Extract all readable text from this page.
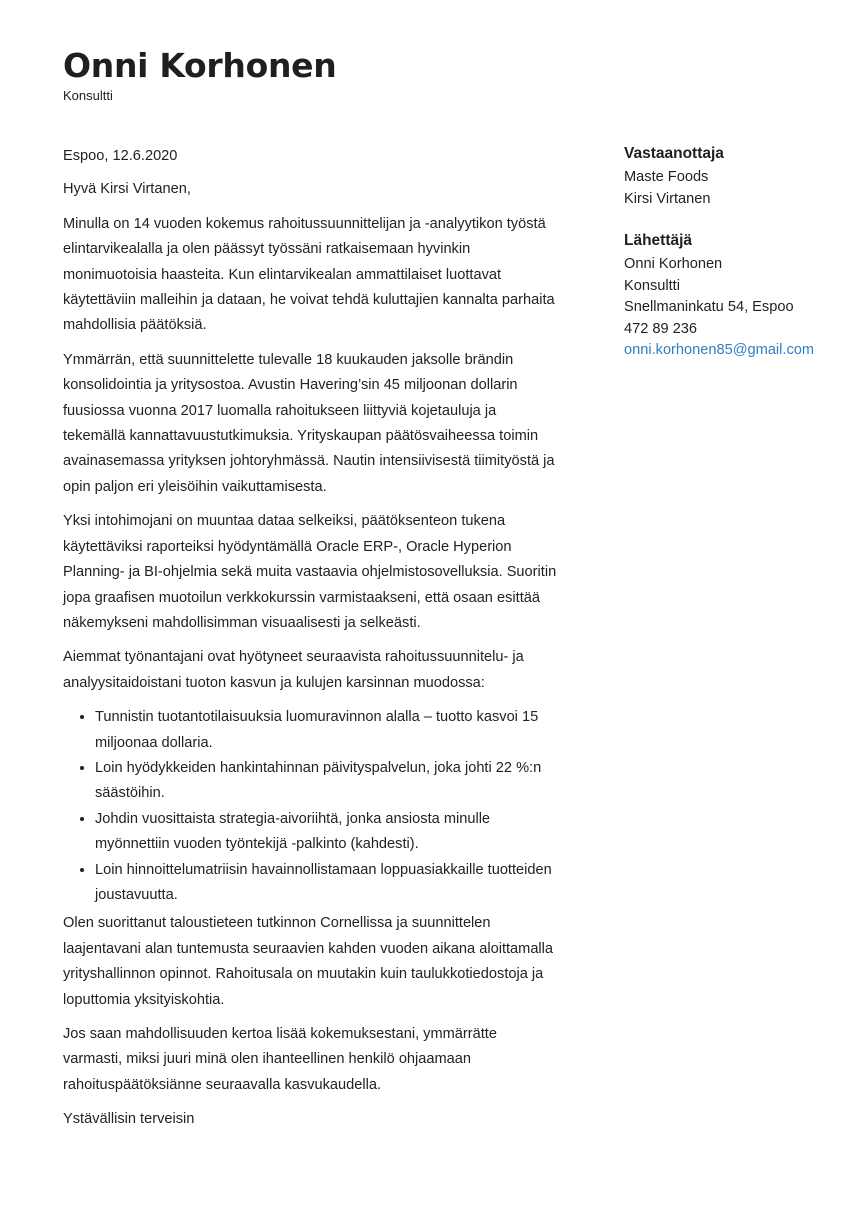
Onni Korhonen
Konsultti

Espoo, 12.6.2020

Hyvä Kirsi Virtanen,

Minulla on 14 vuoden kokemus rahoitussuunnittelijan ja -analyytikon työstä elintarvikealalla ja olen päässyt työssäni ratkaisemaan hyvinkin monimuotoisia haasteita. Kun elintarvikealan ammattilaiset luottavat käytettäviin malleihin ja dataan, he voivat tehdä kuluttajien kannalta parhaita mahdollisia päätöksiä.

Ymmärrän, että suunnittelette tulevalle 18 kuukauden jaksolle brändin konsolidointia ja yritysostoa. Avustin Havering’sin 45 miljoonan dollarin fuusiossa vuonna 2017 luomalla rahoitukseen liittyviä kojetauluja ja tekemällä kannattavuustutkimuksia. Yrityskaupan päätösvaiheessa toimin avainasemassa yrityksen johtoryhmässä. Nautin intensiivisestä tiimityöstä ja opin paljon eri yleisöihin vaikuttamisesta.

Yksi intohimojani on muuntaa dataa selkeiksi, päätöksenteon tukena käytettäviksi raporteiksi hyödyntämällä Oracle ERP-, Oracle Hyperion Planning- ja BI-ohjelmia sekä muita vastaavia ohjelmistosovelluksia. Suoritin jopa graafisen muotoilun verkkokurssin varmistaakseni, että osaan esittää näkemykseni mahdollisimman visuaalisesti ja selkeästi.

Aiemmat työnantajani ovat hyötyneet seuraavista rahoitussuunnitelu- ja analyysitaidoistani tuoton kasvun ja kulujen karsinnan muodossa:

• Tunnistin tuotantotilaisuuksia luomuravinnon alalla – tuotto kasvoi 15 miljoonaa dollaria.
• Loin hyödykkeiden hankintahinnan päivityspalvelun, joka johti 22 %:n säästöihin.
• Johdin vuosittaista strategia-aivoriihtä, jonka ansiosta minulle myönnettiin vuoden työntekijä -palkinto (kahdesti).
• Loin hinnoittelumatriisin havainnollistamaan loppuasiakkaille tuotteiden joustavuutta.

Olen suorittanut taloustieteen tutkinnon Cornellissa ja suunnittelen laajentavani alan tuntemusta seuraavien kahden vuoden aikana aloittamalla yrityshallinnon opinnot. Rahoitusala on muutakin kuin taulukkotiedostoja ja loputtomia yksityiskohtia.

Jos saan mahdollisuuden kertoa lisää kokemuksestani, ymmärrätte varmasti, miksi juuri minä olen ihanteellinen henkilö ohjaamaan rahoituspäätöksiänne seuraavalla kasvukaudella.

Ystävällisin terveisin

Vastaanottaja
Maste Foods
Kirsi Virtanen
Lähettäjä
Onni Korhonen
Konsultti
Snellmaninkatu 54, Espoo
472 89 236
onni.korhonen85@gmail.com
